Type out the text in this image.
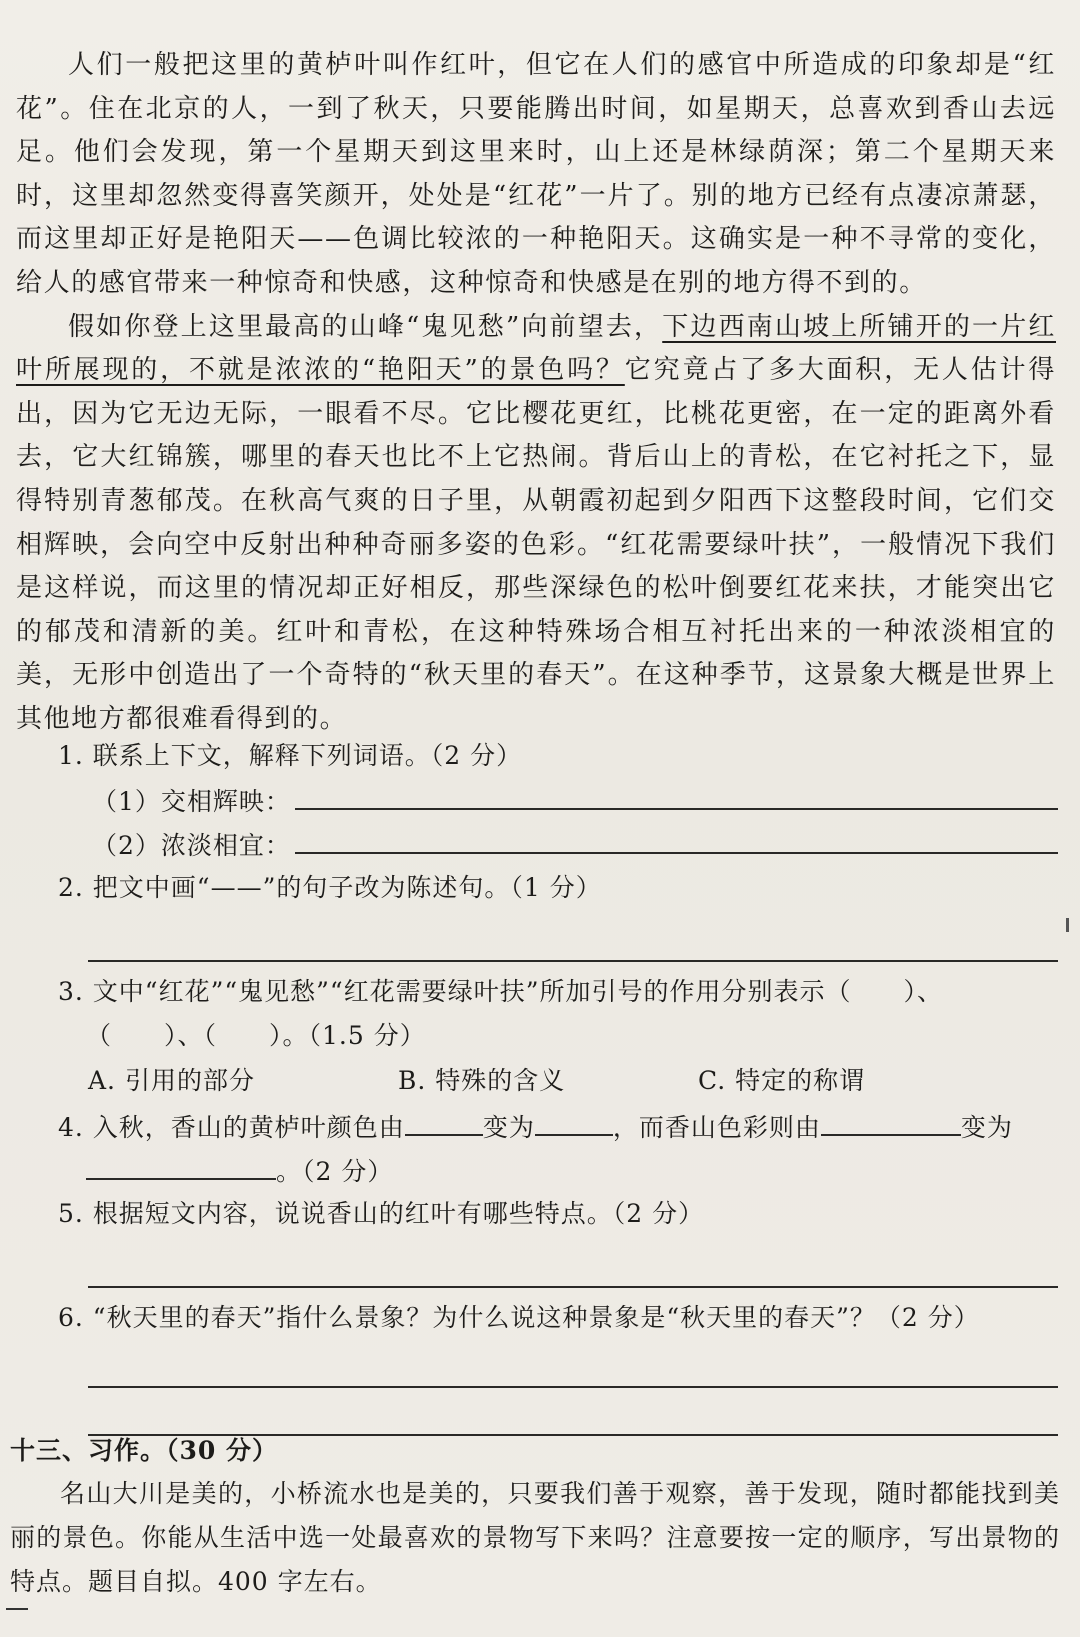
人们一般把这里的黄栌叶叫作红叶，但它在人们的感官中所造成的印象却是“红花”。住在北京的人，一到了秋天，只要能腾出时间，如星期天，总喜欢到香山去远足。他们会发现，第一个星期天到这里来时，山上还是林绿荫深；第二个星期天来时，这里却忽然变得喜笑颜开，处处是“红花”一片了。别的地方已经有点凄凉萧瑟，而这里却正好是艳阳天——色调比较浓的一种艳阳天。这确实是一种不寻常的变化，给人的感官带来一种惊奇和快感，这种惊奇和快感是在别的地方得不到的。

假如你登上这里最高的山峰“鬼见愁”向前望去，下边西南山坡上所铺开的一片红叶所展现的，不就是浓浓的“艳阳天”的景色吗？它究竟占了多大面积，无人估计得出，因为它无边无际，一眼看不尽。它比樱花更红，比桃花更密，在一定的距离外看去，它大红锦簇，哪里的春天也比不上它热闹。背后山上的青松，在它衬托之下，显得特别青葱郁茂。在秋高气爽的日子里，从朝霞初起到夕阳西下这整段时间，它们交相辉映，会向空中反射出种种奇丽多姿的色彩。“红花需要绿叶扶”，一般情况下我们是这样说，而这里的情况却正好相反，那些深绿色的松叶倒要红花来扶，才能突出它的郁茂和清新的美。红叶和青松，在这种特殊场合相互衬托出来的一种浓淡相宜的美，无形中创造出了一个奇特的“秋天里的春天”。在这种季节，这景象大概是世界上其他地方都很难看得到的。

1. 联系上下文，解释下列词语。（2 分）
（1）交相辉映：
（2）浓淡相宜：
2. 把文中画“——”的句子改为陈述句。（1 分）
3. 文中“红花”“鬼见愁”“红花需要绿叶扶”所加引号的作用分别表示（　　）、
（　　）、（　　）。（1.5 分）
A. 引用的部分	B. 特殊的含义	C. 特定的称谓
4. 入秋，香山的黄栌叶颜色由	变为	，而香山色彩则由	变为
。（2 分）
5. 根据短文内容，说说香山的红叶有哪些特点。（2 分）
6. “秋天里的春天”指什么景象？为什么说这种景象是“秋天里的春天”？（2 分）
十三、习作。（30 分）

名山大川是美的，小桥流水也是美的，只要我们善于观察，善于发现，随时都能找到美丽的景色。你能从生活中选一处最喜欢的景物写下来吗？注意要按一定的顺序，写出景物的特点。题目自拟。400 字左右。
